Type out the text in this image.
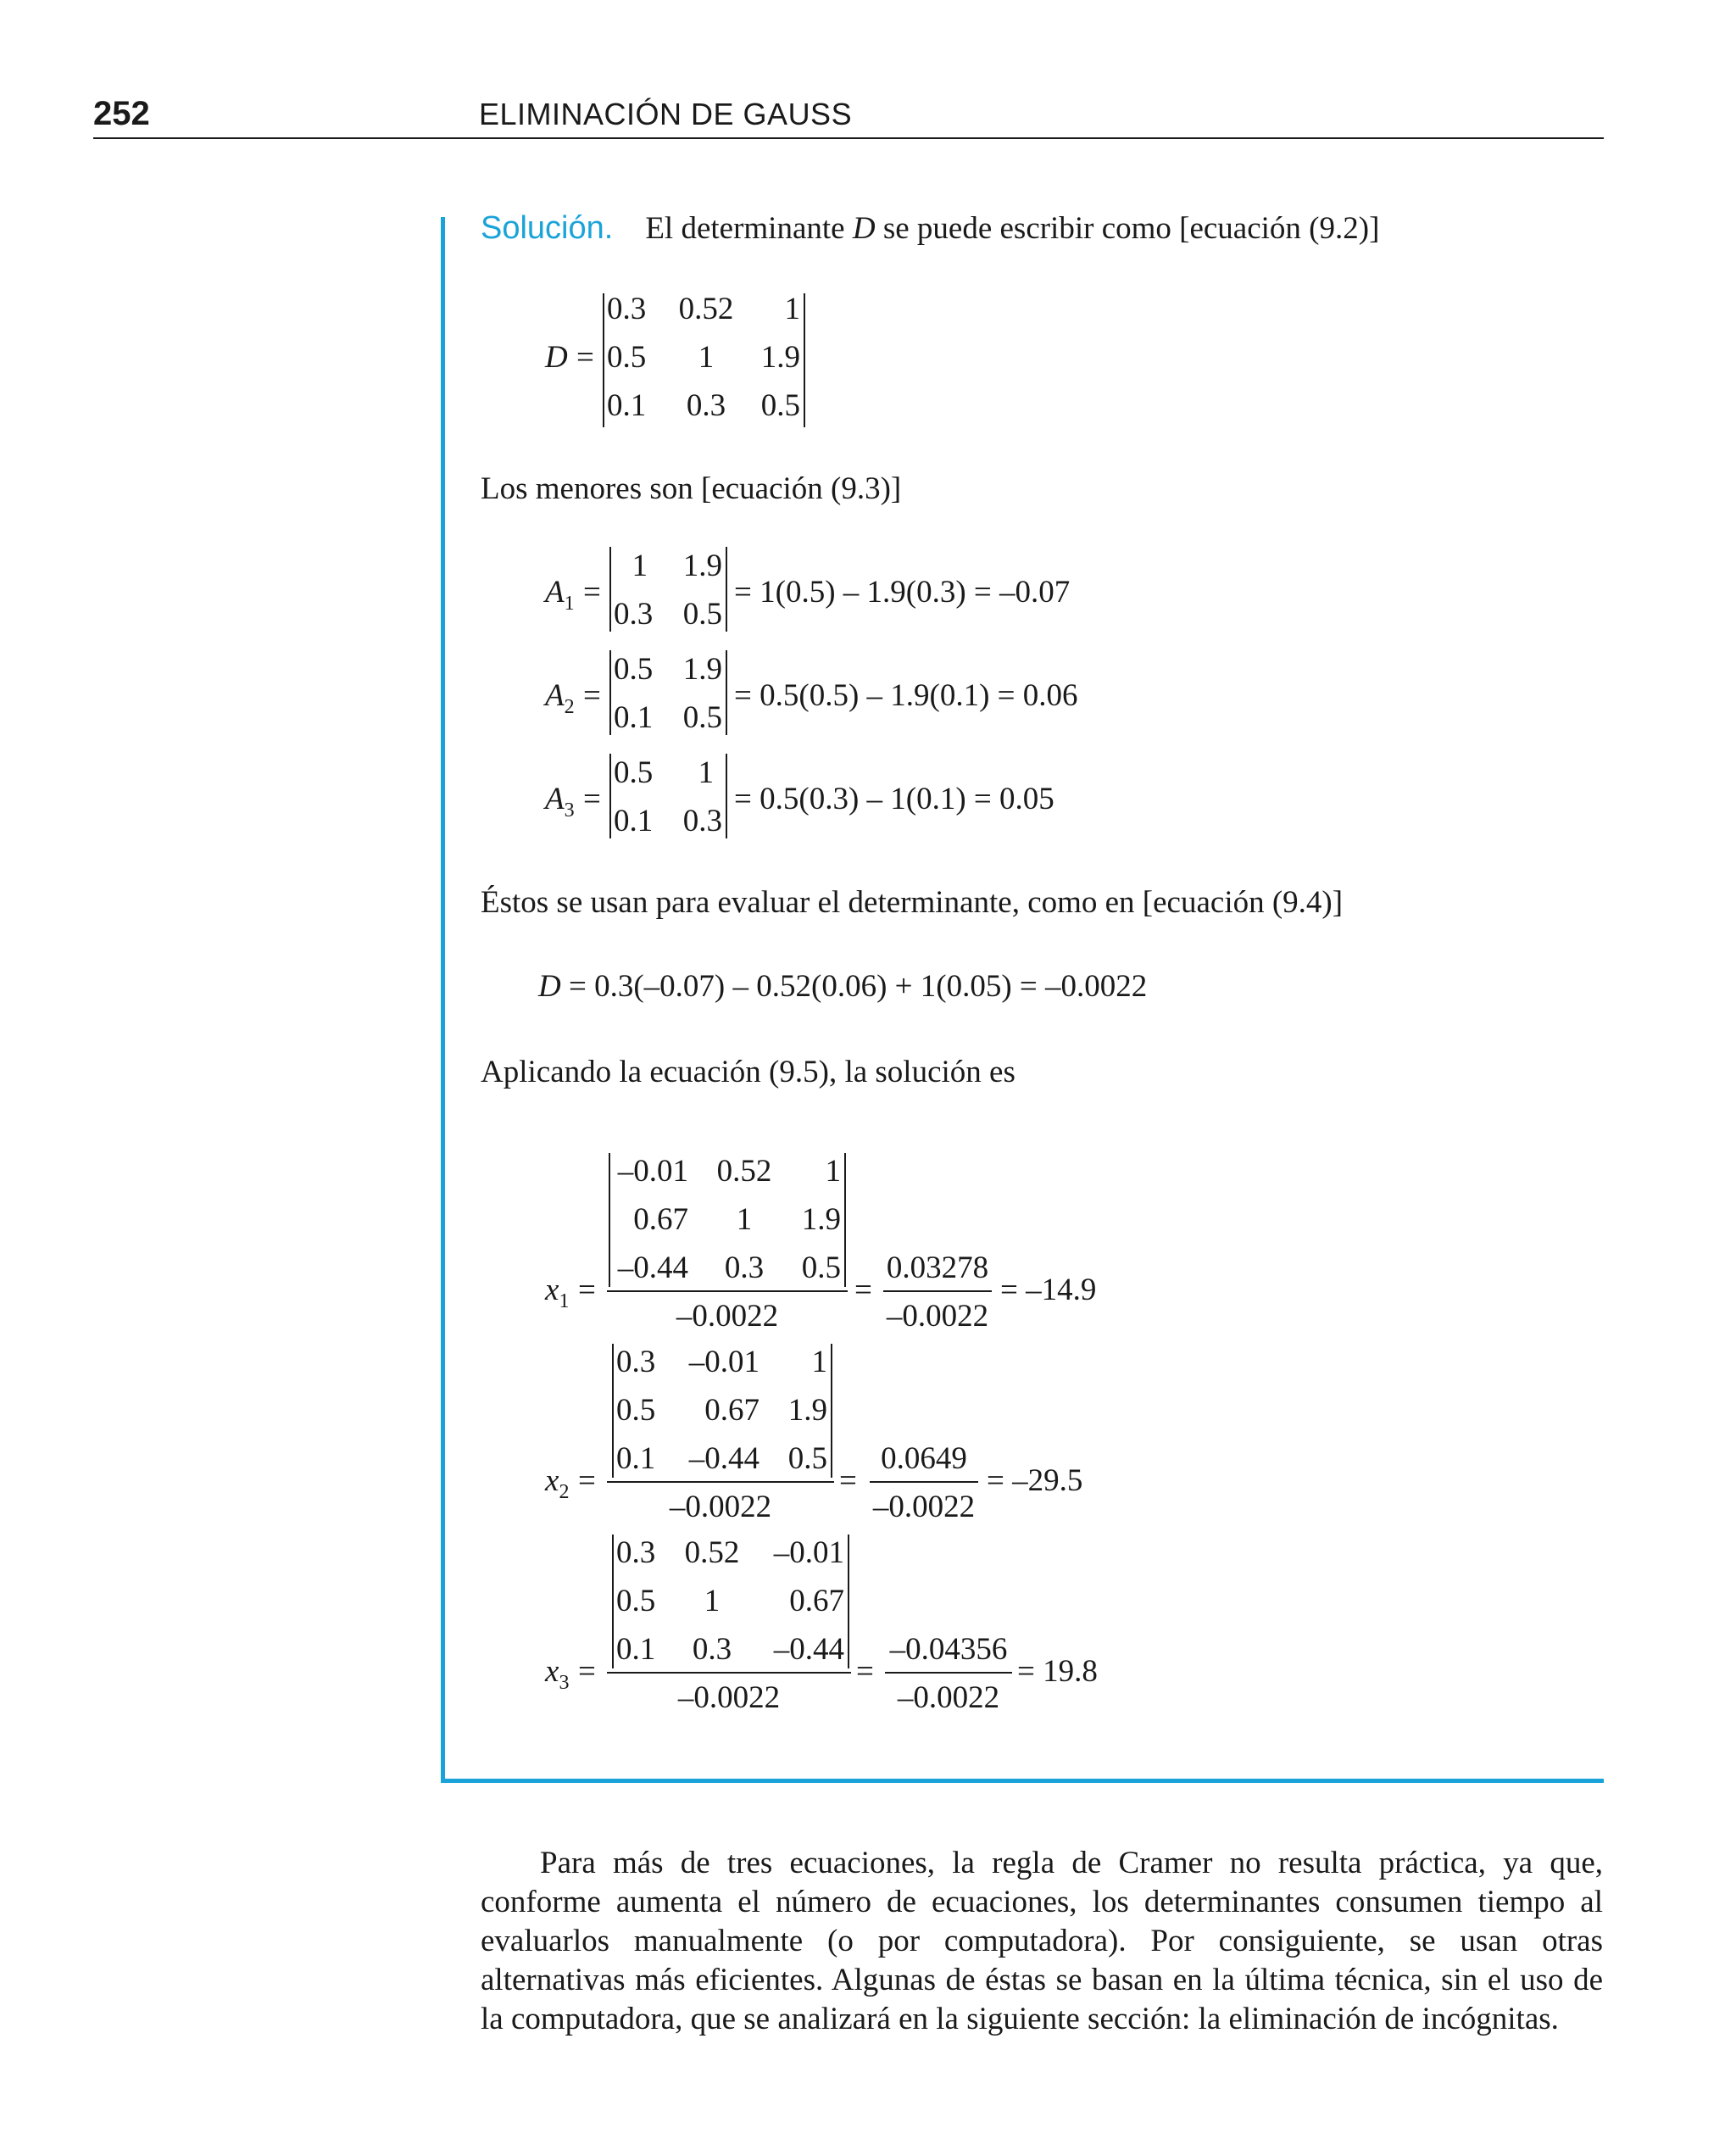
252	ELIMINACIÓN DE GAUSS
Solución. El determinante D se puede escribir como [ecuación (9.2)]
D =
0.3	0.52	1
0.5	1	1.9
0.1	0.3	0.5
Los menores son [ecuación (9.3)]
$A_1$ =
1	1.9
0.3 0.5
= 1(0.5) – 1.9(0.3) = –0.07
$A_2$ =
0.5 1.9
0.1 0.5
= 0.5(0.5) – 1.9(0.1) = 0.06
$A_3$ =
0.5	1
0.1 0.3
= 0.5(0.3) – 1(0.1) = 0.05
Éstos se usan para evaluar el determinante, como en [ecuación (9.4)]
D = 0.3(–0.07) – 0.52(0.06) + 1(0.05) = –0.0022
Aplicando la ecuación (9.5), la solución es
$x_1$ =
–0.01 0.52	1
0.67	1	1.9
–0.44	0.3	0.5
–0.0022
=
0.03278
–0.0022
= –14.9
$x_2$ =
0.3	–0.01	1
0.5	0.67 1.9
0.1	–0.44 0.5
–0.0022
=
0.0649
–0.0022
= –29.5
$x_3$ =
0.3 0.52	–0.01
0.5	1	0.67
0.1	0.3	–0.44
–0.0022
=
–0.04356
–0.0022
= 19.8

Para más de tres ecuaciones, la regla de Cramer no resulta práctica, ya que, conforme aumenta el número de ecuaciones, los determinantes consumen tiempo al evaluarlos manualmente (o por computadora). Por consiguiente, se usan otras alternativas más eficientes. Algunas de éstas se basan en la última técnica, sin el uso de la computadora, que se analizará en la siguiente sección: la eliminación de incógnitas.
